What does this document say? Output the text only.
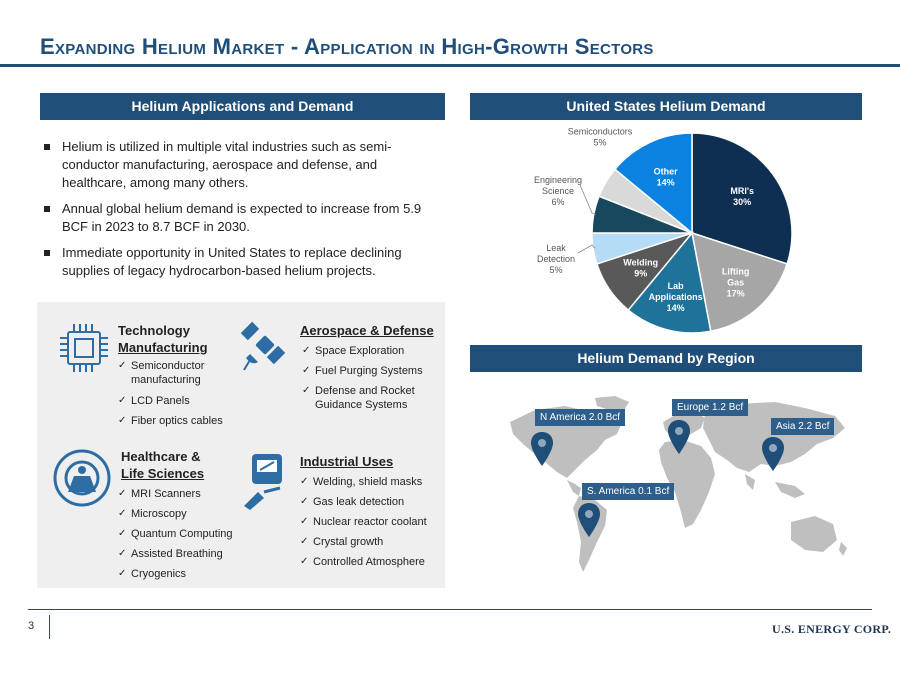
Expanding Helium Market - Application in High-Growth Sectors
Helium Applications and Demand	United States Helium Demand
Helium is utilized in multiple vital industries such as semi-conductor manufacturing, aerospace and defense, and healthcare, among many others.
Annual global helium demand is expected to increase from 5.9 BCF in 2023 to 8.7 BCF in 2030.
Immediate opportunity in United States to replace declining supplies of legacy hydrocarbon-based helium projects.
Technology
Manufacturing
✓ Semiconductor manufacturing
✓ LCD Panels
✓ Fiber optics cables
Aerospace & Defense
✓ Space Exploration
✓ Fuel Purging Systems
✓ Defense and Rocket Guidance Systems
Healthcare &
Life Sciences
✓ MRI Scanners
✓ Microscopy
✓ Quantum Computing
✓ Assisted Breathing
✓ Cryogenics
Industrial Uses
✓ Welding, shield masks
✓ Gas leak detection
✓ Nuclear reactor coolant
✓ Crystal growth
✓ Controlled Atmosphere
MRI's 30%
Lifting Gas 17%
Lab Applications 14%
Welding 9%
Leak Detection 5%
Engineering Science 6%
Semiconductors 5%
Other 14%
Helium Demand by Region
N America 2.0 Bcf
Europe 1.2 Bcf
Asia 2.2 Bcf
S. America 0.1 Bcf
3	U.S. ENERGY CORP.
